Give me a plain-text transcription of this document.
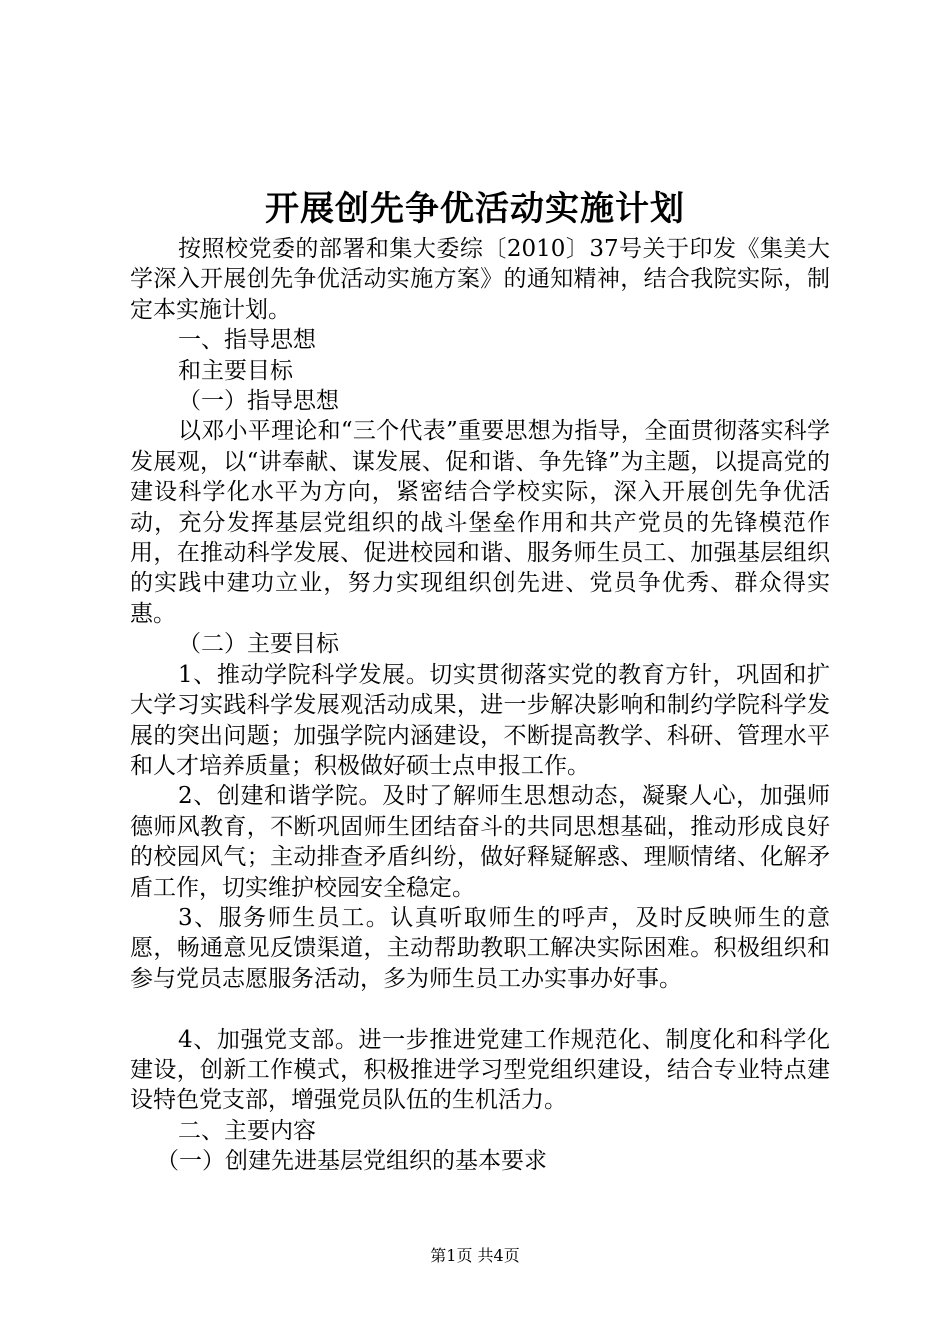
开展创先争优活动实施计划

按照校党委的部署和集大委综〔2010〕37号关于印发《集美大学深入开展创先争优活动实施方案》的通知精神，结合我院实际，制定本实施计划。

一、指导思想

和主要目标

（一）指导思想

以邓小平理论和“三个代表”重要思想为指导，全面贯彻落实科学发展观，以“讲奉献、谋发展、促和谐、争先锋”为主题，以提高党的建设科学化水平为方向，紧密结合学校实际，深入开展创先争优活动，充分发挥基层党组织的战斗堡垒作用和共产党员的先锋模范作用，在推动科学发展、促进校园和谐、服务师生员工、加强基层组织的实践中建功立业，努力实现组织创先进、党员争优秀、群众得实惠。

（二）主要目标

1、推动学院科学发展。切实贯彻落实党的教育方针，巩固和扩大学习实践科学发展观活动成果，进一步解决影响和制约学院科学发展的突出问题；加强学院内涵建设，不断提高教学、科研、管理水平和人才培养质量；积极做好硕士点申报工作。

2、创建和谐学院。及时了解师生思想动态，凝聚人心，加强师德师风教育，不断巩固师生团结奋斗的共同思想基础，推动形成良好的校园风气；主动排查矛盾纠纷，做好释疑解惑、理顺情绪、化解矛盾工作，切实维护校园安全稳定。

3、服务师生员工。认真听取师生的呼声，及时反映师生的意愿，畅通意见反馈渠道，主动帮助教职工解决实际困难。积极组织和参与党员志愿服务活动，多为师生员工办实事办好事。

4、加强党支部。进一步推进党建工作规范化、制度化和科学化建设，创新工作模式，积极推进学习型党组织建设，结合专业特点建设特色党支部，增强党员队伍的生机活力。

二、主要内容

（一）创建先进基层党组织的基本要求

第1页 共4页
